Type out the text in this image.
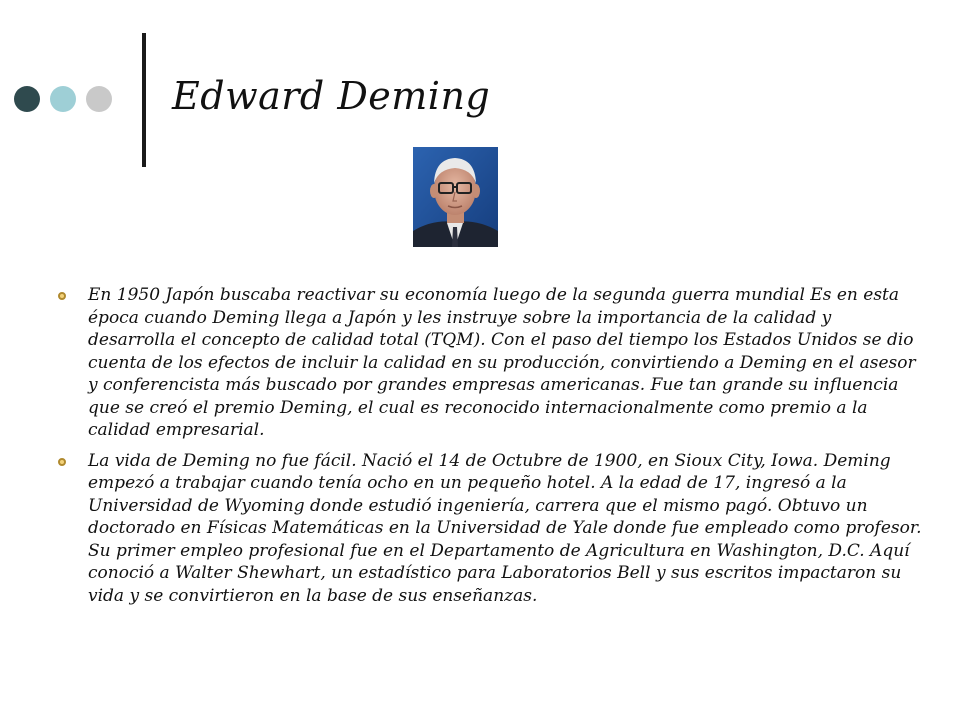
Edward Deming

En 1950 Japón buscaba reactivar su economía luego de la segunda guerra mundial Es en esta época cuando Deming llega a Japón y les instruye sobre la importancia de la calidad y desarrolla el concepto de calidad total (TQM). Con el paso del tiempo los Estados Unidos se dio cuenta de los efectos de incluir la calidad en su producción, convirtiendo a Deming en el asesor y conferencista más buscado por grandes empresas americanas. Fue tan grande su influencia que se creó el premio Deming, el cual es reconocido internacionalmente como premio a la calidad empresarial.

La vida de Deming no fue fácil. Nació el 14 de Octubre de 1900, en Sioux City, Iowa. Deming empezó a trabajar cuando tenía ocho en un pequeño hotel. A la edad de 17, ingresó a la Universidad de Wyoming donde estudió ingeniería, carrera que el mismo pagó. Obtuvo un doctorado en Físicas Matemáticas en la Universidad de Yale donde fue empleado como profesor. Su primer empleo profesional fue en el Departamento de Agricultura en Washington, D.C. Aquí conoció a Walter Shewhart, un estadístico para Laboratorios Bell y sus escritos impactaron su vida y se convirtieron en la base de sus enseñanzas.
